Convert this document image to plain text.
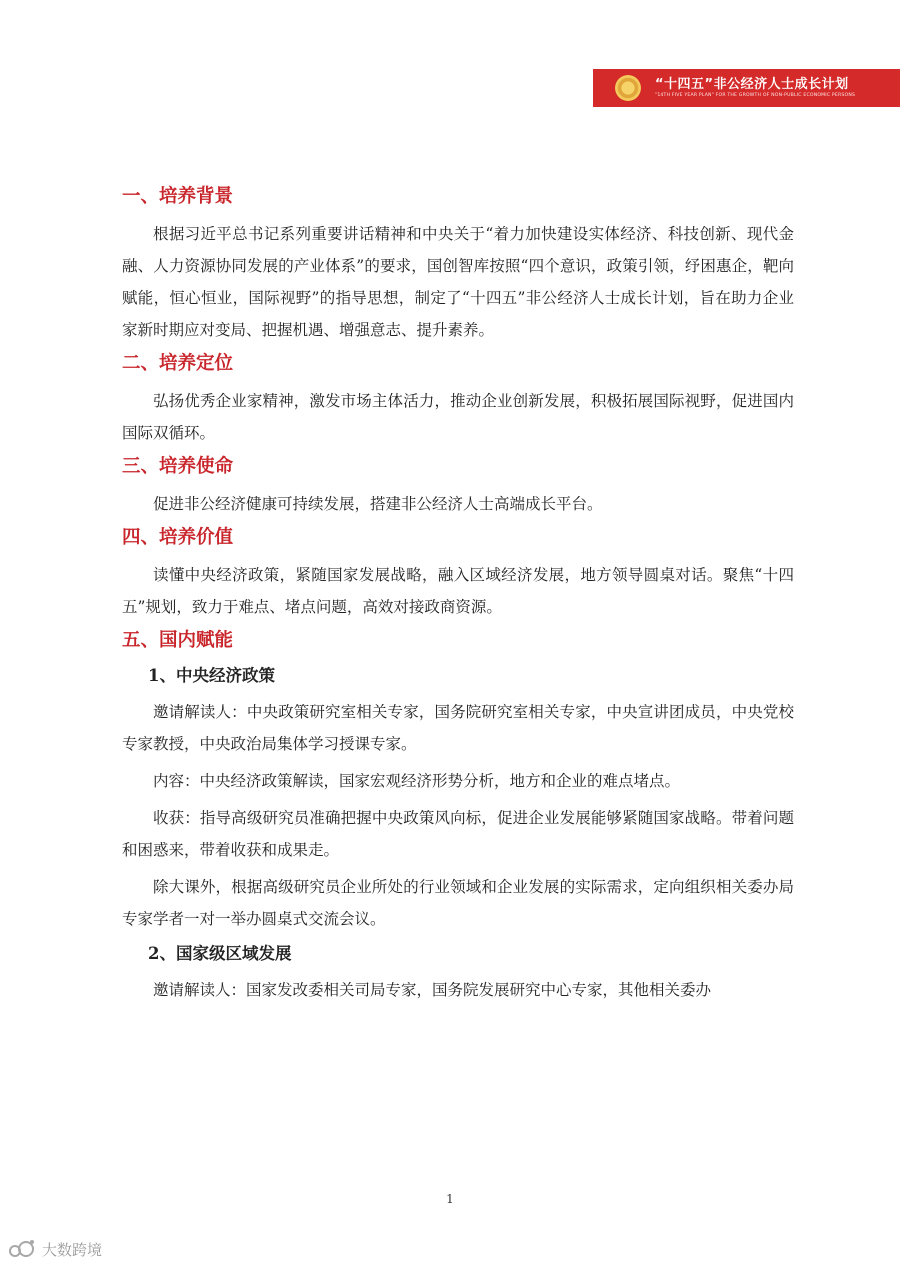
“十四五”非公经济人士成长计划
"14TH FIVE YEAR PLAN" FOR THE GROWTH OF NON-PUBLIC ECONOMIC PERSONS
一、培养背景

根据习近平总书记系列重要讲话精神和中央关于“着力加快建设实体经济、科技创新、现代金融、人力资源协同发展的产业体系”的要求，国创智库按照“四个意识，政策引领，纾困惠企，靶向赋能，恒心恒业，国际视野”的指导思想，制定了“十四五”非公经济人士成长计划，旨在助力企业家新时期应对变局、把握机遇、增强意志、提升素养。

二、培养定位

弘扬优秀企业家精神，激发市场主体活力，推动企业创新发展，积极拓展国际视野，促进国内国际双循环。

三、培养使命

促进非公经济健康可持续发展，搭建非公经济人士高端成长平台。

四、培养价值

读懂中央经济政策，紧随国家发展战略，融入区域经济发展，地方领导圆桌对话。聚焦“十四五”规划，致力于难点、堵点问题，高效对接政商资源。

五、国内赋能
1、中央经济政策

邀请解读人：中央政策研究室相关专家，国务院研究室相关专家，中央宣讲团成员，中央党校专家教授，中央政治局集体学习授课专家。

内容：中央经济政策解读，国家宏观经济形势分析，地方和企业的难点堵点。

收获：指导高级研究员准确把握中央政策风向标，促进企业发展能够紧随国家战略。带着问题和困惑来，带着收获和成果走。

除大课外，根据高级研究员企业所处的行业领域和企业发展的实际需求，定向组织相关委办局专家学者一对一举办圆桌式交流会议。

2、国家级区域发展

邀请解读人：国家发改委相关司局专家，国务院发展研究中心专家，其他相关委办

1
大数跨境
